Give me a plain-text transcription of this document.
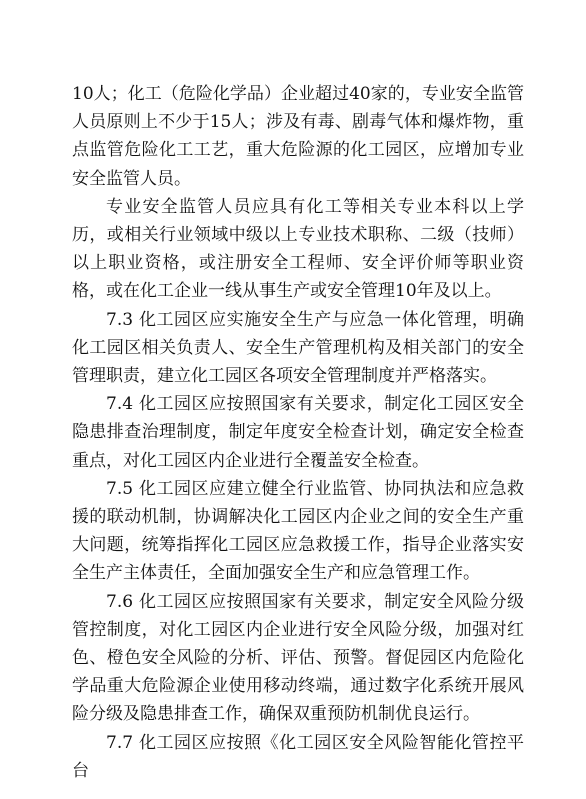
10人；化工（危险化学品）企业超过40家的，专业安全监管人员原则上不少于15人；涉及有毒、剧毒气体和爆炸物，重点监管危险化工工艺，重大危险源的化工园区，应增加专业安全监管人员。

专业安全监管人员应具有化工等相关专业本科以上学历，或相关行业领域中级以上专业技术职称、二级（技师）以上职业资格，或注册安全工程师、安全评价师等职业资格，或在化工企业一线从事生产或安全管理10年及以上。

7.3 化工园区应实施安全生产与应急一体化管理，明确化工园区相关负责人、安全生产管理机构及相关部门的安全管理职责，建立化工园区各项安全管理制度并严格落实。

7.4 化工园区应按照国家有关要求，制定化工园区安全隐患排查治理制度，制定年度安全检查计划，确定安全检查重点，对化工园区内企业进行全覆盖安全检查。

7.5 化工园区应建立健全行业监管、协同执法和应急救援的联动机制，协调解决化工园区内企业之间的安全生产重大问题，统筹指挥化工园区应急救援工作，指导企业落实安全生产主体责任，全面加强安全生产和应急管理工作。

7.6 化工园区应按照国家有关要求，制定安全风险分级管控制度，对化工园区内企业进行安全风险分级，加强对红色、橙色安全风险的分析、评估、预警。督促园区内危险化学品重大危险源企业使用移动终端，通过数字化系统开展风险分级及隐患排查工作，确保双重预防机制优良运行。

7.7 化工园区应按照《化工园区安全风险智能化管控平台
